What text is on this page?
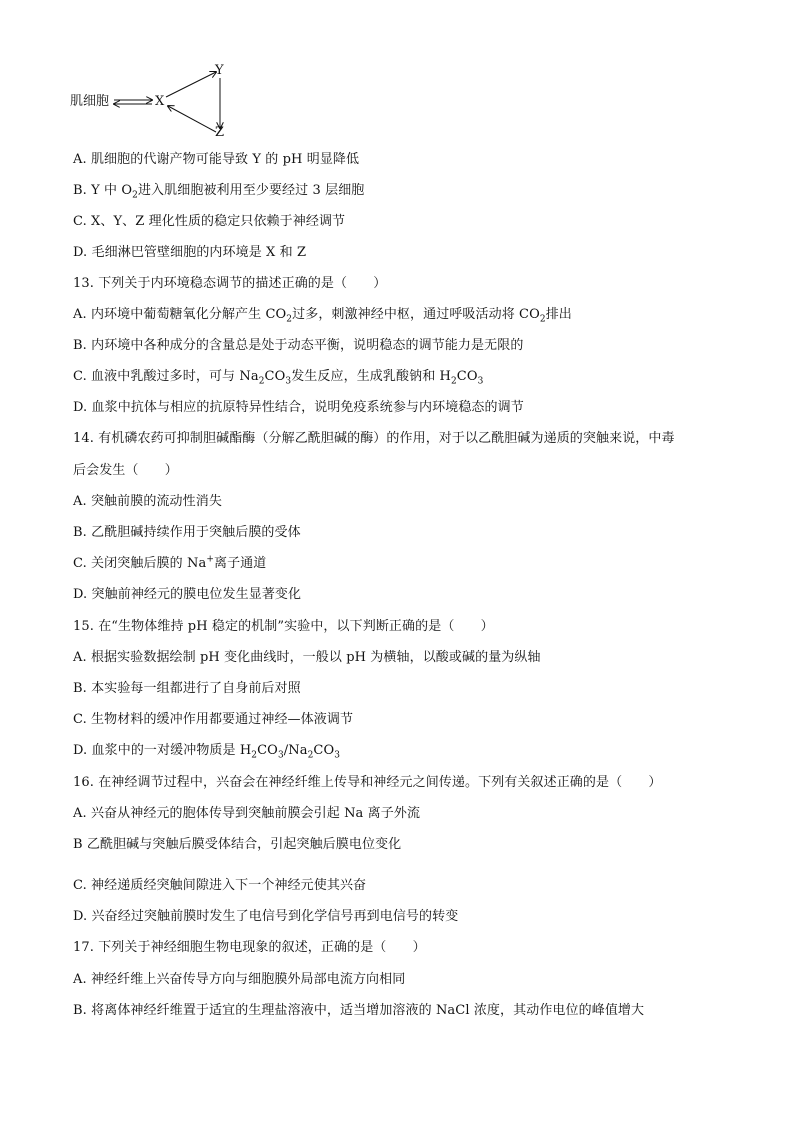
肌细胞	X
Y
Z
A. 肌细胞的代谢产物可能导致 Y 的 pH 明显降低
B. Y 中 $O_2$进入肌细胞被利用至少要经过 3 层细胞
C. X、Y、Z 理化性质的稳定只依赖于神经调节
D. 毛细淋巴管壁细胞的内环境是 X 和 Z
13. 下列关于内环境稳态调节的描述正确的是（　　）
A. 内环境中葡萄糖氧化分解产生 $CO_2$过多，刺激神经中枢，通过呼吸活动将 $CO_2$排出
B. 内环境中各种成分的含量总是处于动态平衡，说明稳态的调节能力是无限的
C. 血液中乳酸过多时，可与 $Na_2CO_3$发生反应，生成乳酸钠和 $H_2CO_3$
D. 血浆中抗体与相应的抗原特异性结合，说明免疫系统参与内环境稳态的调节
14. 有机磷农药可抑制胆碱酯酶（分解乙酰胆碱的酶）的作用，对于以乙酰胆碱为递质的突触来说，中毒
后会发生（　　）
A. 突触前膜的流动性消失
B. 乙酰胆碱持续作用于突触后膜的受体
C. 关闭突触后膜的 Na+离子通道
D. 突触前神经元的膜电位发生显著变化
15. 在“生物体维持 pH 稳定的机制”实验中，以下判断正确的是（　　）
A. 根据实验数据绘制 pH 变化曲线时，一般以 pH 为横轴，以酸或碱的量为纵轴
B. 本实验每一组都进行了自身前后对照
C. 生物材料的缓冲作用都要通过神经—体液调节
D. 血浆中的一对缓冲物质是 $H_2CO_3/Na_2CO_3$
16. 在神经调节过程中，兴奋会在神经纤维上传导和神经元之间传递。下列有关叙述正确的是（　　）
A. 兴奋从神经元的胞体传导到突触前膜会引起 Na 离子外流
B 乙酰胆碱与突触后膜受体结合，引起突触后膜电位变化
C. 神经递质经突触间隙进入下一个神经元使其兴奋
D. 兴奋经过突触前膜时发生了电信号到化学信号再到电信号的转变
17. 下列关于神经细胞生物电现象的叙述，正确的是（　　）
A. 神经纤维上兴奋传导方向与细胞膜外局部电流方向相同
B. 将离体神经纤维置于适宜的生理盐溶液中，适当增加溶液的 NaCl 浓度，其动作电位的峰值增大
